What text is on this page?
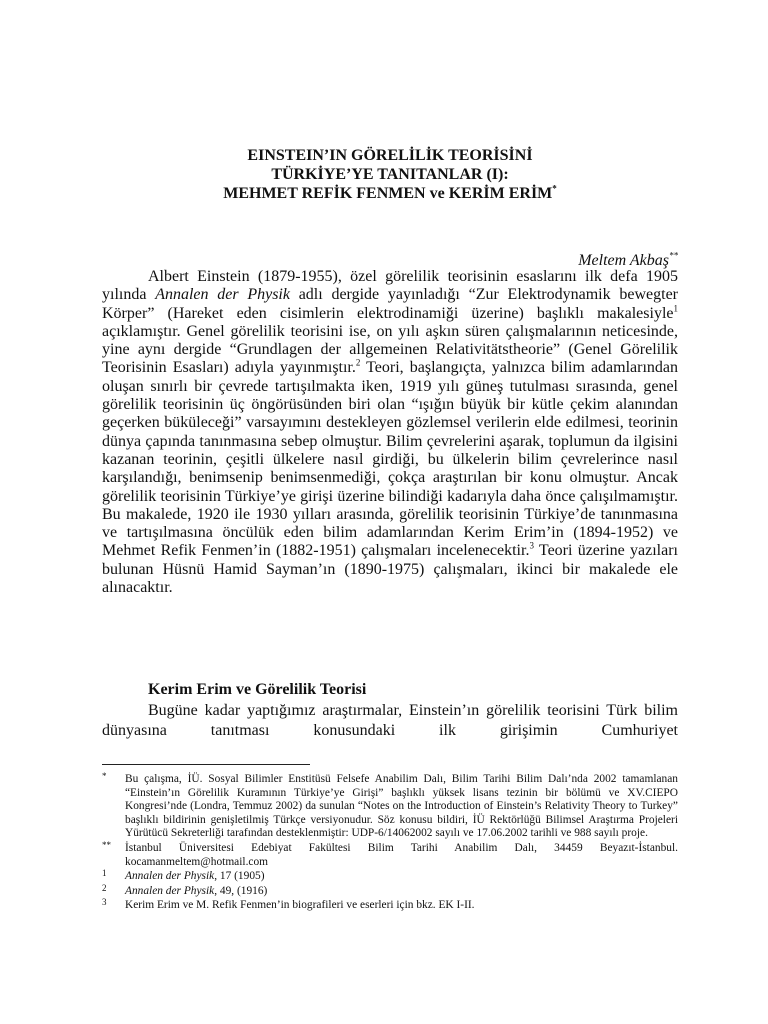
EINSTEIN’IN GÖRELİLİK TEORİSİNİ
TÜRKİYE’YE TANITANLAR (I):
MEHMET REFİK FENMEN ve KERİM ERİM*
Meltem Akbaş**

Albert Einstein (1879-1955), özel görelilik teorisinin esaslarını ilk defa 1905 yılında Annalen der Physik adlı dergide yayınladığı “Zur Elektrodynamik bewegter Körper” (Hareket eden cisimlerin elektrodinamiği üzerine) başlıklı makalesiyle$^1$ açıklamıştır. Genel görelilik teorisini ise, on yılı aşkın süren çalışmalarının neticesinde, yine aynı dergide “Grundlagen der allgemeinen Relativitätstheorie” (Genel Görelilik Teorisinin Esasları) adıyla yayınmıştır.$^2$ Teori, başlangıçta, yalnızca bilim adamlarından oluşan sınırlı bir çevrede tartışılmakta iken, 1919 yılı güneş tutulması sırasında, genel görelilik teorisinin üç öngörüsünden biri olan “ışığın büyük bir kütle çekim alanından geçerken büküleceği” varsayımını destekleyen gözlemsel verilerin elde edilmesi, teorinin dünya çapında tanınmasına sebep olmuştur. Bilim çevrelerini aşarak, toplumun da ilgisini kazanan teorinin, çeşitli ülkelere nasıl girdiği, bu ülkelerin bilim çevrelerince nasıl karşılandığı, benimsenip benimsenmediği, çokça araştırılan bir konu olmuştur. Ancak görelilik teorisinin Türkiye’ye girişi üzerine bilindiği kadarıyla daha önce çalışılmamıştır. Bu makalede, 1920 ile 1930 yılları arasında, görelilik teorisinin Türkiye’de tanınmasına ve tartışılmasına öncülük eden bilim adamlarından Kerim Erim’in (1894-1952) ve Mehmet Refik Fenmen’in (1882-1951) çalışmaları incelenecektir.$^3$ Teori üzerine yazıları bulunan Hüsnü Hamid Sayman’ın (1890-1975) çalışmaları, ikinci bir makalede ele alınacaktır.

Kerim Erim ve Görelilik Teorisi

Bugüne kadar yaptığımız araştırmalar, Einstein’ın görelilik teorisini Türk bilim dünyasına tanıtması konusundaki ilk girişimin Cumhuriyet

* Bu çalışma, İÜ. Sosyal Bilimler Enstitüsü Felsefe Anabilim Dalı, Bilim Tarihi Bilim Dalı’nda 2002 tamamlanan “Einstein’ın Görelilik Kuramının Türkiye’ye Girişi” başlıklı yüksek lisans tezinin bir bölümü ve XV.CIEPO Kongresi’nde (Londra, Temmuz 2002) da sunulan “Notes on the Introduction of Einstein’s Relativity Theory to Turkey” başlıklı bildirinin genişletilmiş Türkçe versiyonudur. Söz konusu bildiri, İÜ Rektörlüğü Bilimsel Araştırma Projeleri Yürütücü Sekreterliği tarafından desteklenmiştir: UDP-6/14062002 sayılı ve 17.06.2002 tarihli ve 988 sayılı proje.
** İstanbul Üniversitesi Edebiyat Fakültesi Bilim Tarihi Anabilim Dalı, 34459 Beyazıt-İstanbul. kocamanmeltem@hotmail.com
1 Annalen der Physik, 17 (1905)
2 Annalen der Physik, 49, (1916)
3 Kerim Erim ve M. Refik Fenmen’in biografileri ve eserleri için bkz. EK I-II.
